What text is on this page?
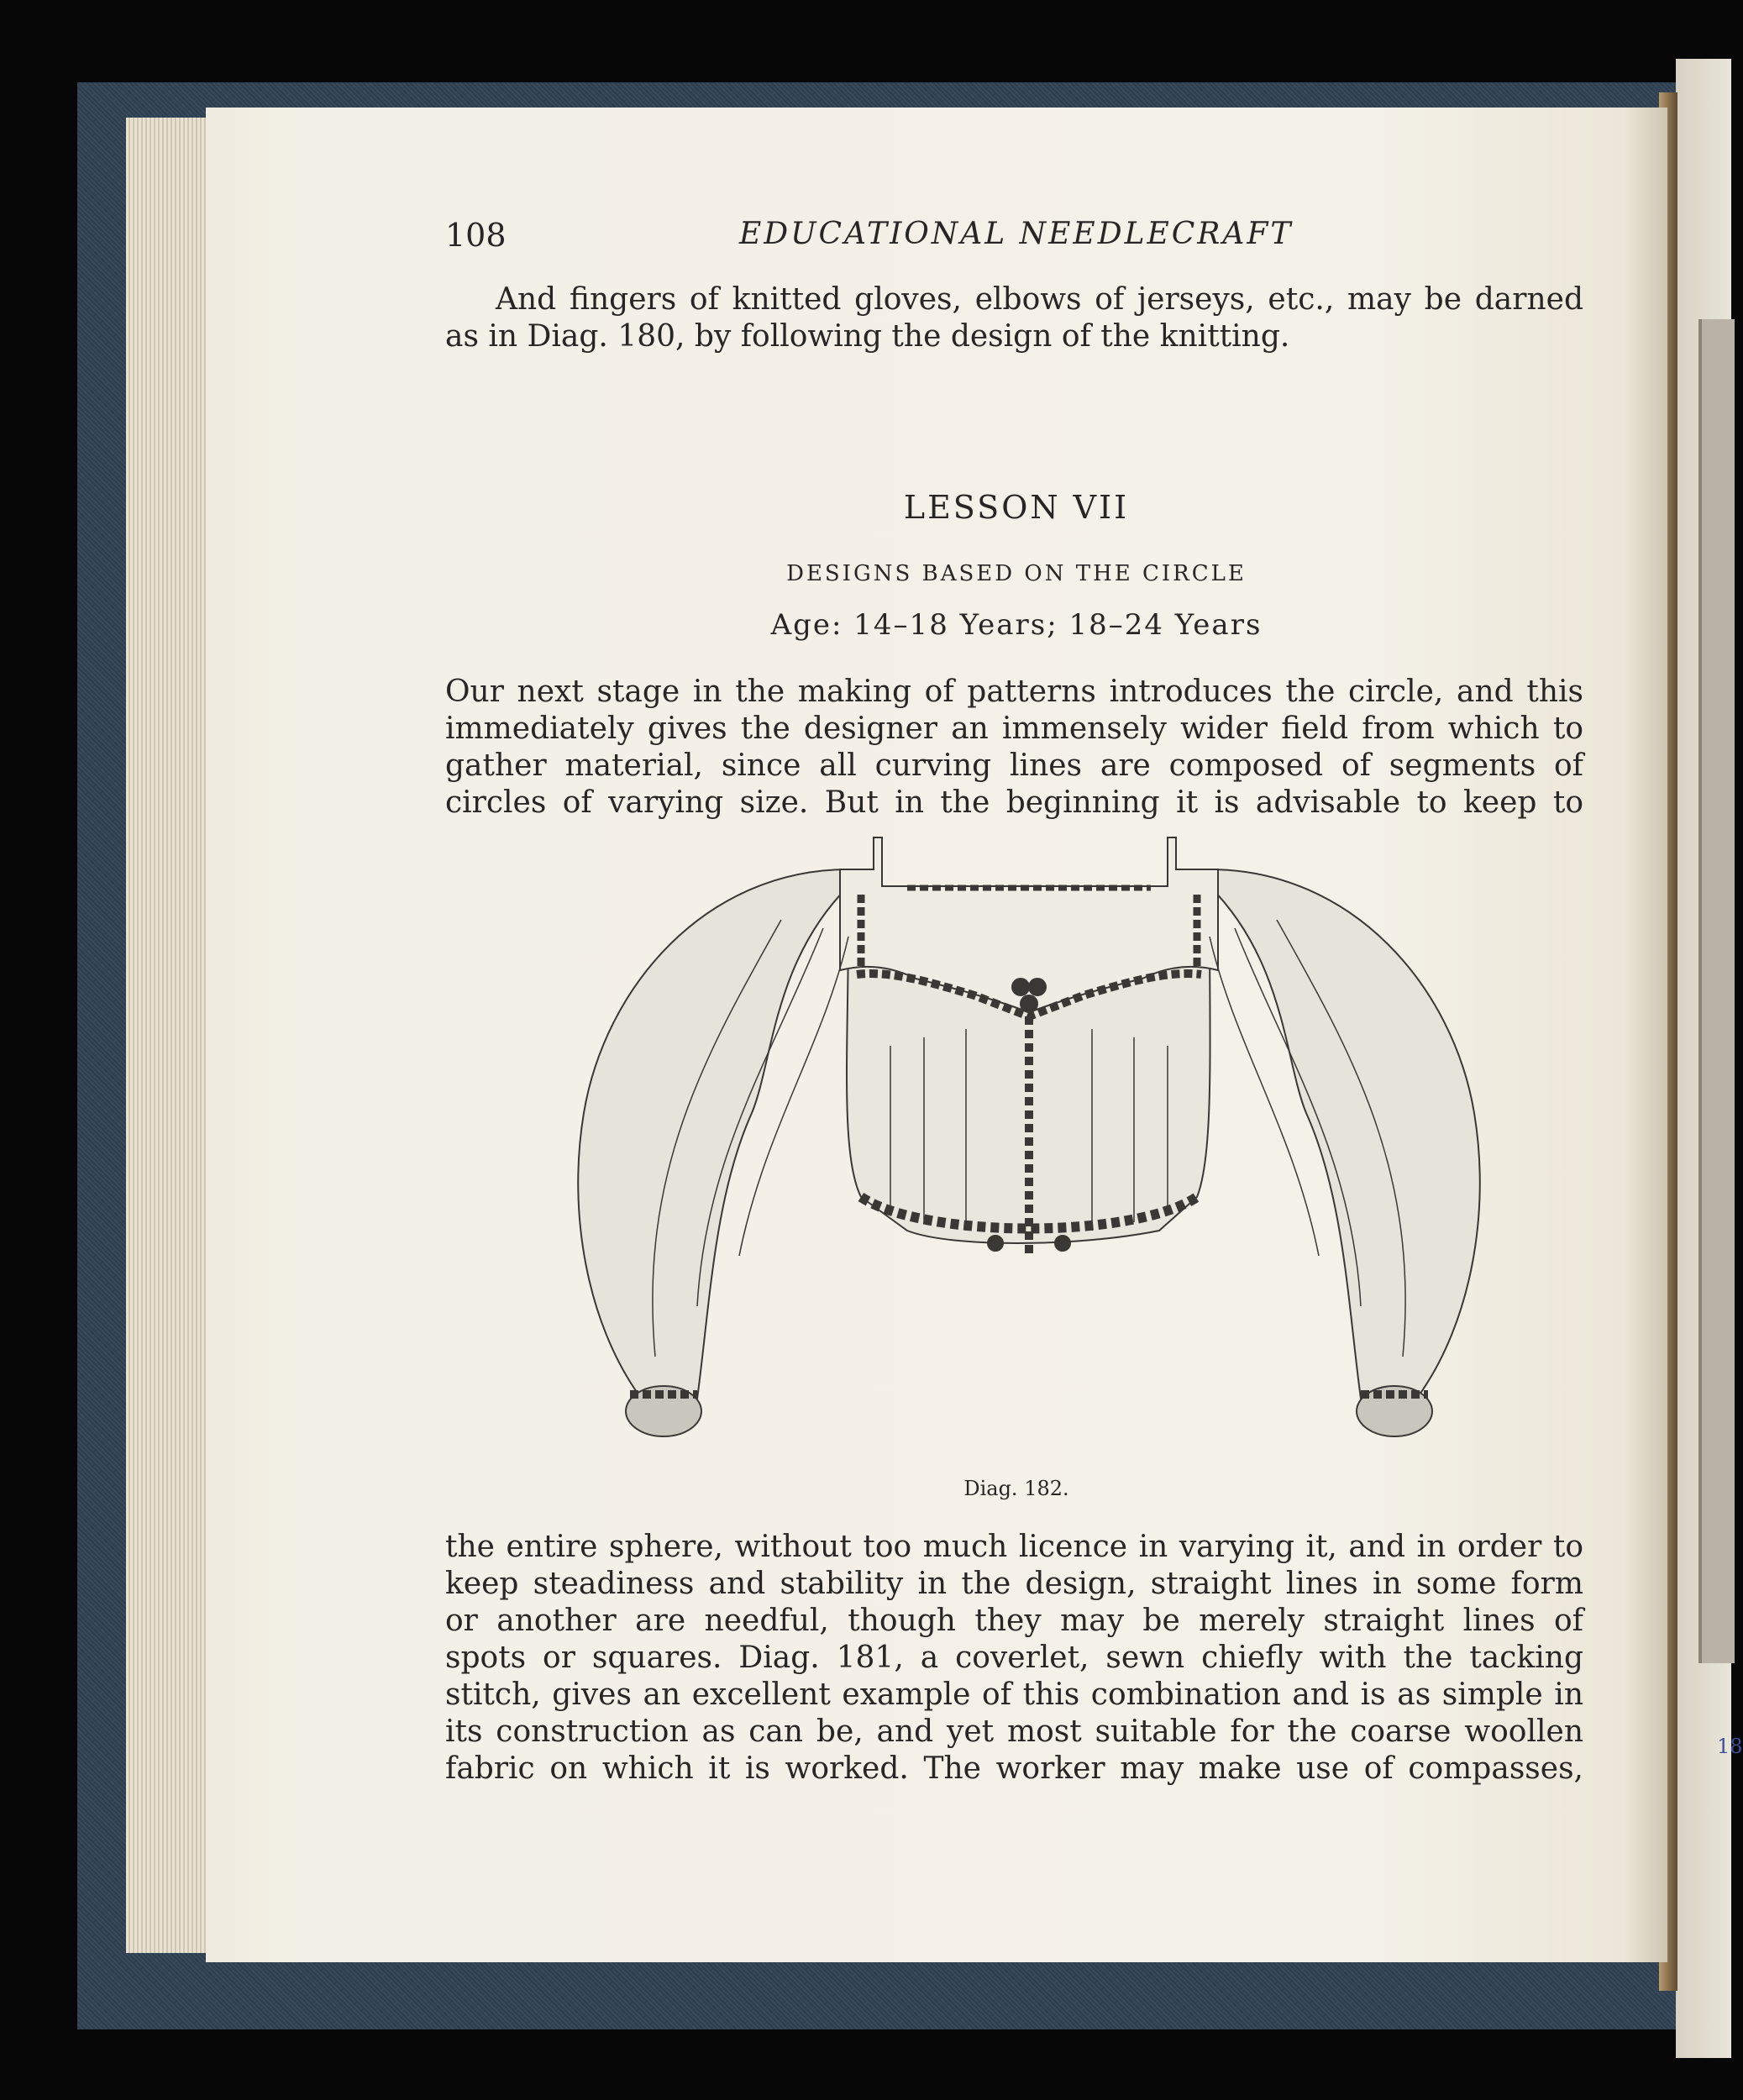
18
108	EDUCATIONAL NEEDLECRAFT
And fingers of knitted gloves, elbows of jerseys, etc., may be darned
as in Diag. 180, by following the design of the knitting.
LESSON VII
DESIGNS BASED ON THE CIRCLE
Age: 14–18 Years; 18–24 Years
Our next stage in the making of patterns introduces the circle, and this
immediately gives the designer an immensely wider field from which to
gather material, since all curving lines are composed of segments of
circles of varying size. But in the beginning it is advisable to keep to
Diag. 182.
the entire sphere, without too much licence in varying it, and in order to
keep steadiness and stability in the design, straight lines in some form
or another are needful, though they may be merely straight lines of
spots or squares. Diag. 181, a coverlet, sewn chiefly with the tacking
stitch, gives an excellent example of this combination and is as simple in
its construction as can be, and yet most suitable for the coarse woollen
fabric on which it is worked. The worker may make use of compasses,
